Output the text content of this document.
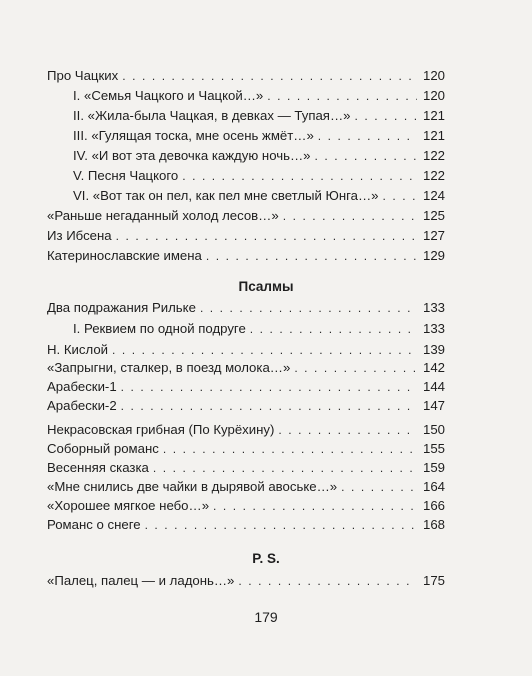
Про Чацких . . .	120
I. «Семья Чацкого и Чацкой…» . . .	120
II. «Жила-была Чацкая, в девках — Тупая…» . . .	121
III. «Гулящая тоска, мне осень жмёт…» . . .	121
IV. «И вот эта девочка каждую ночь…» . . .	122
V. Песня Чацкого . . .	122
VI. «Вот так он пел, как пел мне светлый Юнга…» . . .	124
«Раньше негаданный холод лесов…» . . .	125
Из Ибсена . . .	127
Катеринославские имена . . .	129
Псалмы
Два подражания Рильке . . .	133
I. Реквием по одной подруге . . .	133
Н. Кислой . . .	139
«Запрыгни, сталкер, в поезд молока…» . . .	142
Арабески-1 . . .	144
Арабески-2 . . .	147
Некрасовская грибная (По Курёхину) . . .	150
Соборный романс . . .	155
Весенняя сказка . . .	159
«Мне снились две чайки в дырявой авоське…» . . .	164
«Хорошее мягкое небо…» . . .	166
Романс о снеге . . .	168
P. S.
«Палец, палец — и ладонь…» . . .	175
179
